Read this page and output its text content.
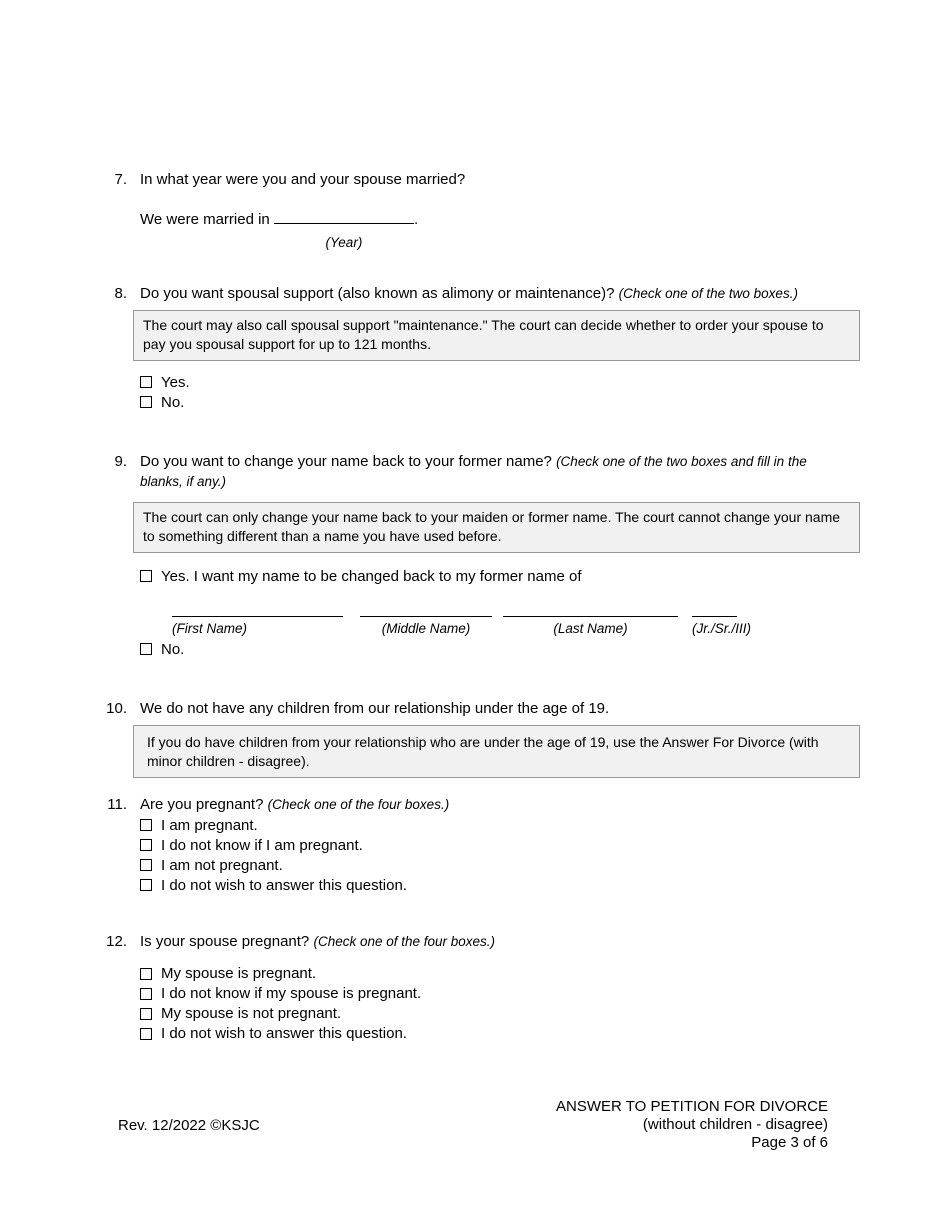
7. In what year were you and your spouse married?
We were married in
(Year)
.
8. Do you want spousal support (also known as alimony or maintenance)? (Check one of the two boxes.)
The court may also call spousal support "maintenance." The court can decide whether to order your spouse to pay you spousal support for up to 121 months.
Yes.
No.
9. Do you want to change your name back to your former name? (Check one of the two boxes and fill in the blanks, if any.)
The court can only change your name back to your maiden or former name. The court cannot change your name to something different than a name you have used before.
Yes. I want my name to be changed back to my former name of
(First Name)	(Middle Name)	(Last Name)	(Jr./Sr./III)
No.
10. We do not have any children from our relationship under the age of 19.
If you do have children from your relationship who are under the age of 19, use the Answer For Divorce (with minor children - disagree).
11. Are you pregnant? (Check one of the four boxes.)
I am pregnant.
I do not know if I am pregnant.
I am not pregnant.
I do not wish to answer this question.
12. Is your spouse pregnant? (Check one of the four boxes.)
My spouse is pregnant.
I do not know if my spouse is pregnant.
My spouse is not pregnant.
I do not wish to answer this question.
Rev. 12/2022 ©KSJC
ANSWER TO PETITION FOR DIVORCE
(without children - disagree)
Page 3 of 6
